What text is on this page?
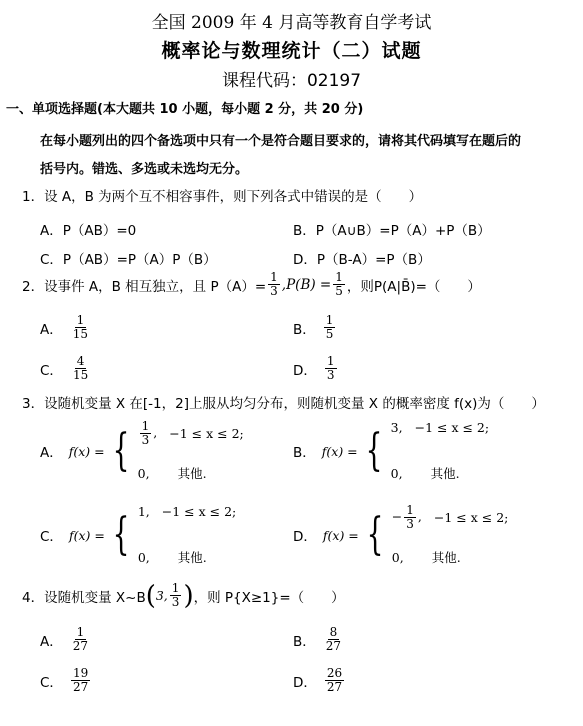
全国 2009 年 4 月高等教育自学考试
概率论与数理统计（二）试题
课程代码：02197
一、单项选择题(本大题共 10 小题，每小题 2 分，共 20 分)
在每小题列出的四个备选项中只有一个是符合题目要求的，请将其代码填写在题后的
括号内。错选、多选或未选均无分。
1．设 A，B 为两个互不相容事件，则下列各式中错误的是（　　）
A．P（AB）=0	B．P（A∪B）=P（A）+P（B）
C．P（AB）=P（A）P（B）	D．P（B-A）=P（B）
2．设事件 A，B 相互独立，且 $P(A)= \frac{1}{3} ,P(B) = \frac{1}{5}$ ，则P(A|B̄)=（　　）
A． $\frac{1}{15}$	B． $\frac{1}{5}$
C． $\frac{4}{15}$	D． $\frac{1}{3}$
3．设随机变量 X 在[-1，2]上服从均匀分布，则随机变量 X 的概率密度 f(x)为（　　）
A． f(x) = { $\frac{1}{3}$ , −1 ≤ x ≤ 2;
0, 其他.
B． f(x) = { 3, −1 ≤ x ≤ 2;
0, 其他.
C． f(x) = { 1, −1 ≤ x ≤ 2;
0, 其他.
D． f(x) = { − $\frac{1}{3}$ , −1 ≤ x ≤ 2;
0, 其他.
4．设随机变量 X~B ( 3, $\frac{1}{3}$ ) ，则 P{X≥1}=（　　）
A． $\frac{1}{27}$	B． $\frac{8}{27}$
C． $\frac{19}{27}$	D． $\frac{26}{27}$
